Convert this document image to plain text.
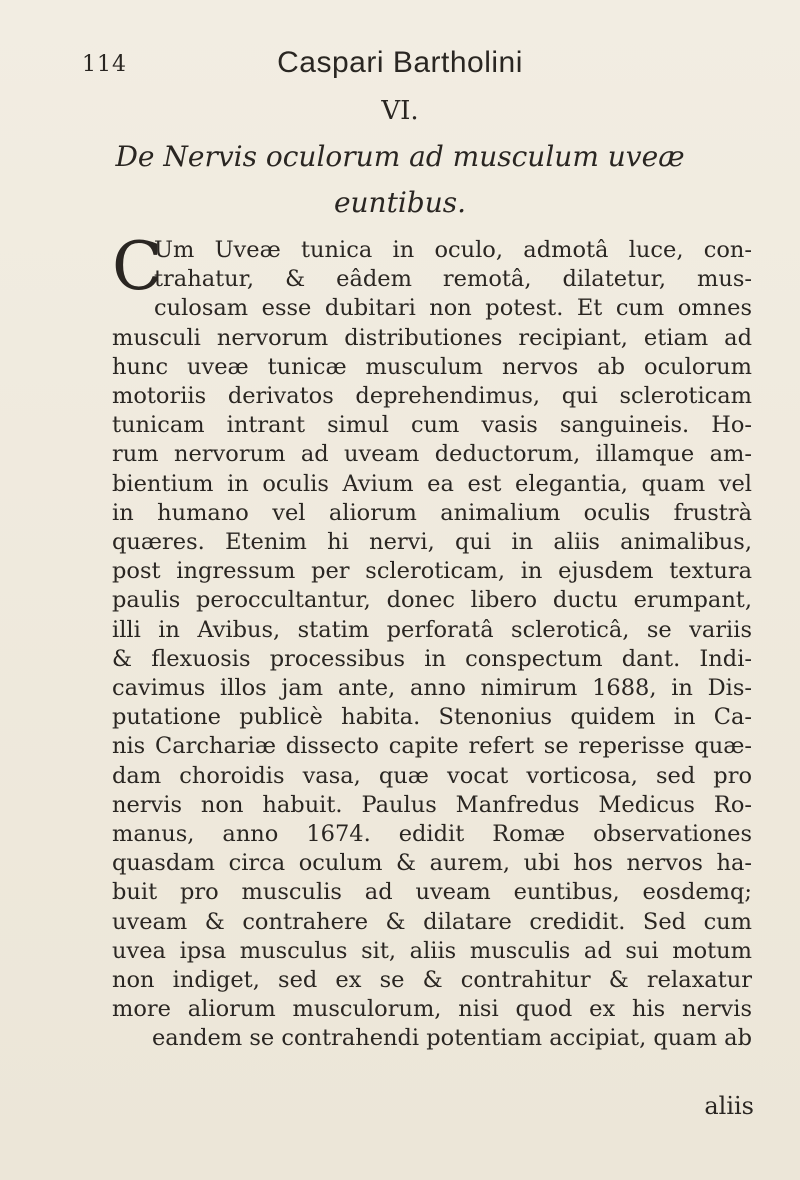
114	Caspari Bartholini
VI.
De Nervis oculorum ad musculum uveæ
euntibus.
C
Um Uveæ tunica in oculo, admotâ luce, con-
trahatur, & eâdem remotâ, dilatetur, mus-
culosam esse dubitari non potest. Et cum omnes
musculi nervorum distributiones recipiant, etiam ad
hunc uveæ tunicæ musculum nervos ab oculorum
motoriis derivatos deprehendimus, qui scleroticam
tunicam intrant simul cum vasis sanguineis. Ho-
rum nervorum ad uveam deductorum, illamque am-
bientium in oculis Avium ea est elegantia, quam vel
in humano vel aliorum animalium oculis frustrà
quæres. Etenim hi nervi, qui in aliis animalibus,
post ingressum per scleroticam, in ejusdem textura
paulis peroccultantur, donec libero ductu erumpant,
illi in Avibus, statim perforatâ scleroticâ, se variis
& flexuosis processibus in conspectum dant. Indi-
cavimus illos jam ante, anno nimirum 1688, in Dis-
putatione publicè habita. Stenonius quidem in Ca-
nis Carchariæ dissecto capite refert se reperisse quæ-
dam choroidis vasa, quæ vocat vorticosa, sed pro
nervis non habuit. Paulus Manfredus Medicus Ro-
manus, anno 1674. edidit Romæ observationes
quasdam circa oculum & aurem, ubi hos nervos ha-
buit pro musculis ad uveam euntibus, eosdemq;
uveam & contrahere & dilatare credidit. Sed cum
uvea ipsa musculus sit, aliis musculis ad sui motum
non indiget, sed ex se & contrahitur & relaxatur
more aliorum musculorum, nisi quod ex his nervis
eandem se contrahendi potentiam accipiat, quam ab
aliis
